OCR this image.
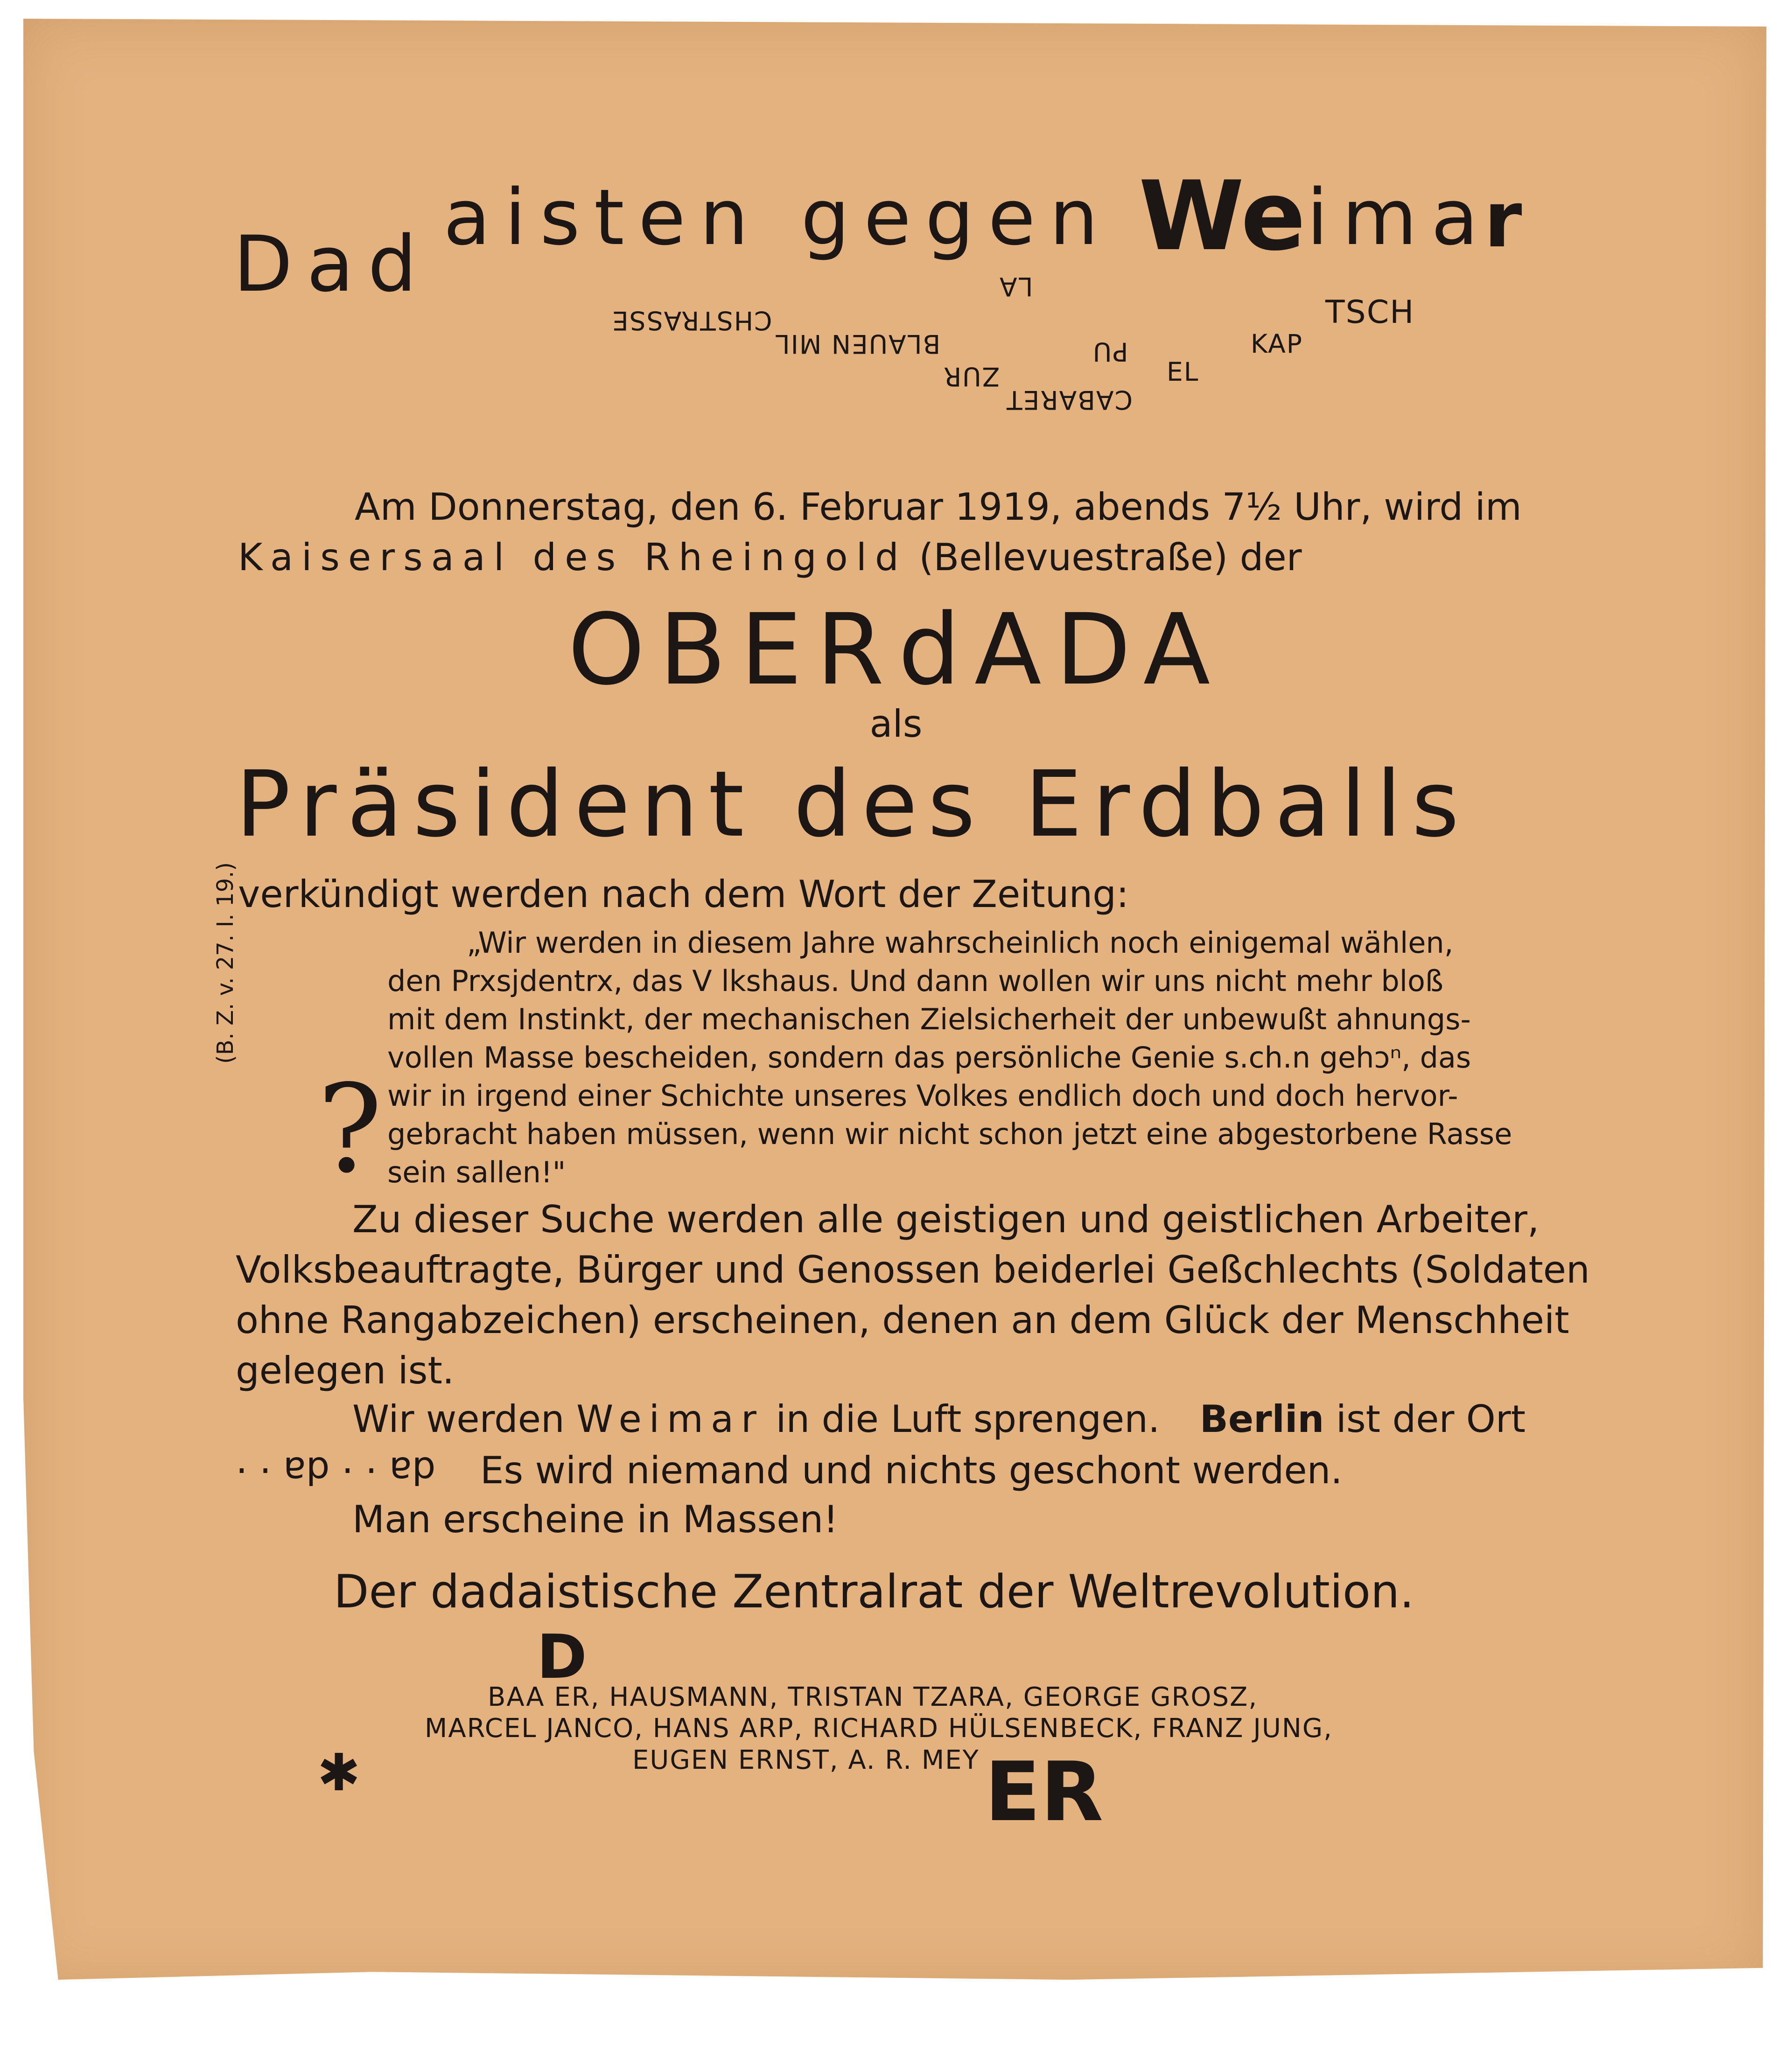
Dad
aisten gegen We ima
r
CHSTRASSE
BLAUEN MIL
LA
ZUR
PU
EL
KAP
TSCH
CABARET
Am Donnerstag, den 6. Februar 1919, abends 7½ Uhr, wird im
Kaisersaal des Rheingold (Bellevuestraße) der
OBERdADA
als
Präsident des Erdballs
verkündigt werden nach dem Wort der Zeitung:
(B. Z. v. 27. I. 19.)
?
„Wir werden in diesem Jahre wahrscheinlich noch einigemal wählen,
den Prxsjdentrx, das V lkshaus. Und dann wollen wir uns nicht mehr bloß
mit dem Instinkt, der mechanischen Zielsicherheit der unbewußt ahnungs-
vollen Masse bescheiden, sondern das persönliche Genie s.ch.n gehɔⁿ, das
wir in irgend einer Schichte unseres Volkes endlich doch und doch hervor-
gebracht haben müssen, wenn wir nicht schon jetzt eine abgestorbene Rasse
sein sallen!"
Zu dieser Suche werden alle geistigen und geistlichen Arbeiter,
Volksbeauftragte, Bürger und Genossen beiderlei Geßchlechts (Soldaten
ohne Rangabzeichen) erscheinen, denen an dem Glück der Menschheit
gelegen ist.
Wir werden Weimar in die Luft sprengen. Berlin ist der Ort
da · · da · · Es wird niemand und nichts geschont werden.
Man erscheine in Massen!
Der dadaistische Zentralrat der Weltrevolution.
D
BAA ER, HAUSMANN, TRISTAN TZARA, GEORGE GROSZ,
MARCEL JANCO, HANS ARP, RICHARD HÜLSENBECK, FRANZ JUNG,
EUGEN ERNST, A. R. MEY ER
✱
